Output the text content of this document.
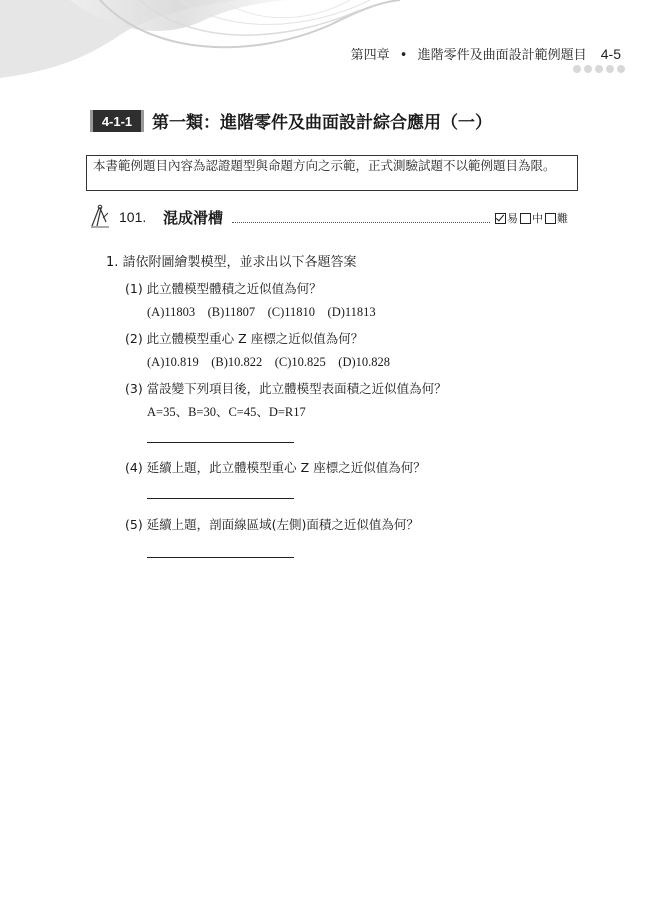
第四章 • 進階零件及曲面設計範例題目 4-5
4-1-1	第一類：進階零件及曲面設計綜合應用（一）
本書範例題目內容為認證題型與命題方向之示範，正式測驗試題不以範例題目為限。
101. 混成滑槽	易 中 難
1. 請依附圖繪製模型，並求出以下各題答案
(1) 此立體模型體積之近似值為何？
(A)11803　(B)11807　(C)11810　(D)11813
(2) 此立體模型重心 Z 座標之近似值為何？
(A)10.819　(B)10.822　(C)10.825　(D)10.828
(3) 當設變下列項目後，此立體模型表面積之近似值為何？
A=35、B=30、C=45、D=R17
(4) 延續上題，此立體模型重心 Z 座標之近似值為何？
(5) 延續上題，剖面線區域(左側)面積之近似值為何？
